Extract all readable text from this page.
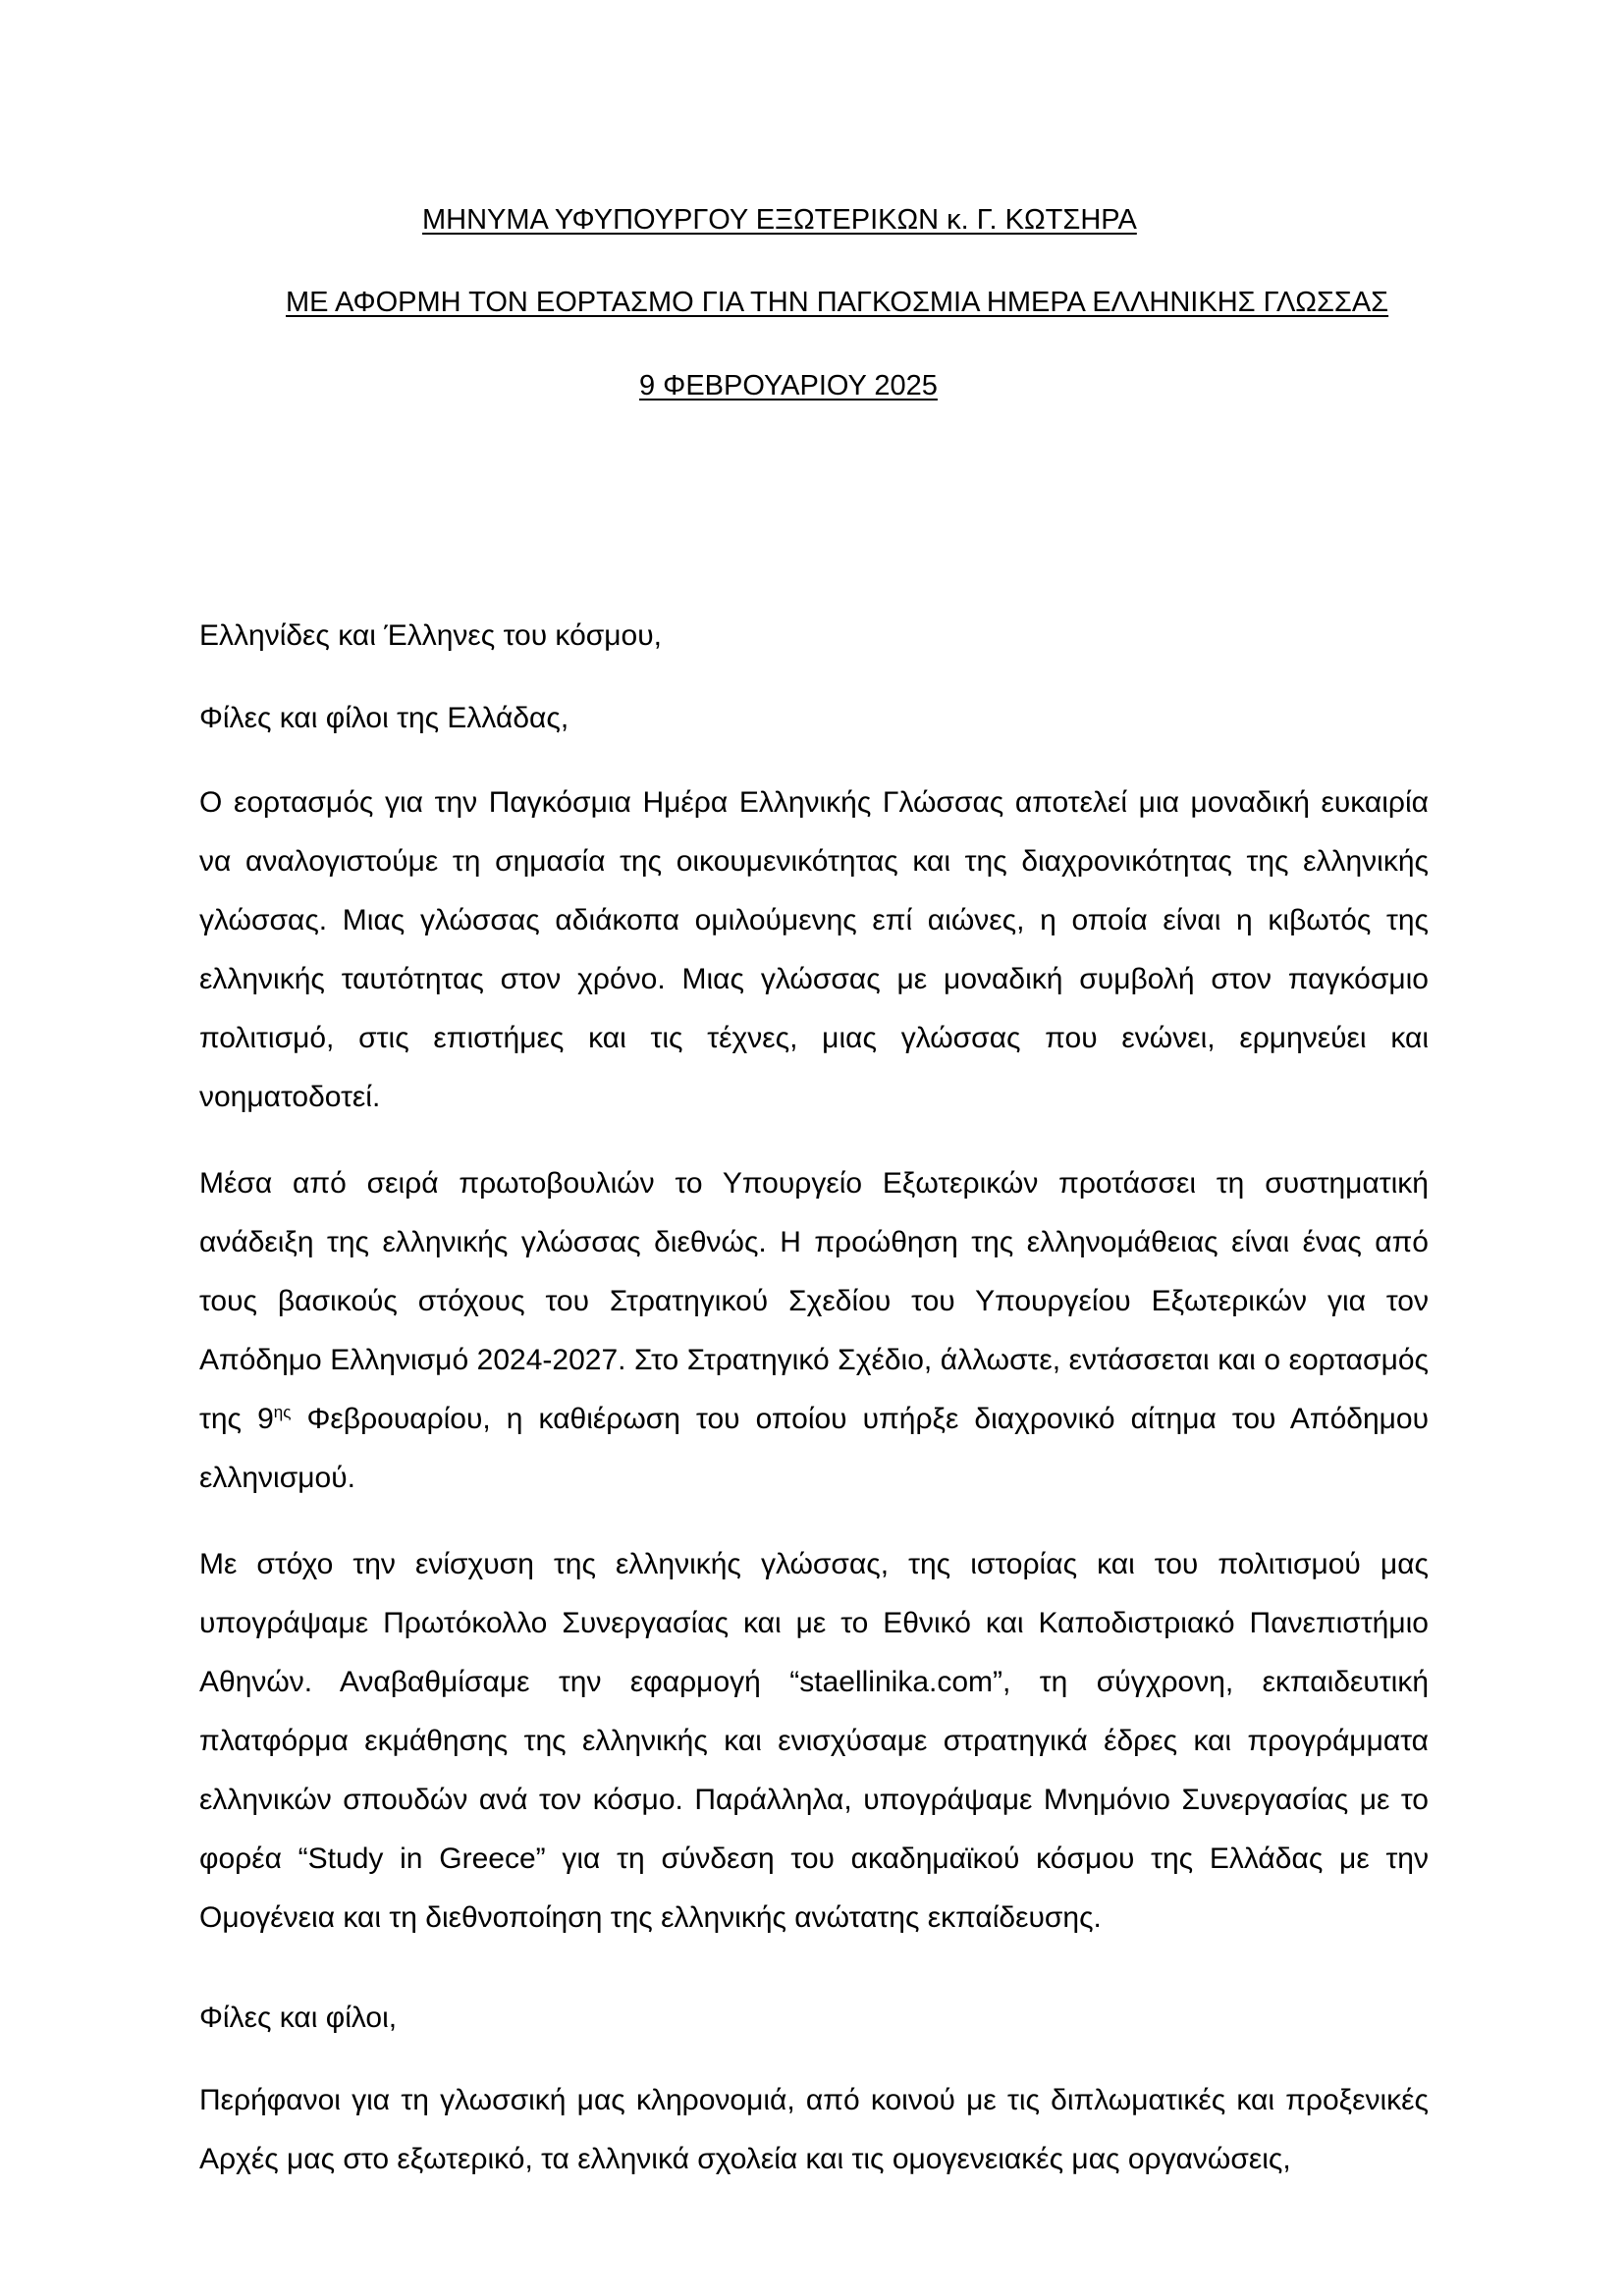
ΜΗΝΥΜΑ ΥΦΥΠΟΥΡΓΟΥ ΕΞΩΤΕΡΙΚΩΝ κ. Γ. ΚΩΤΣΗΡΑ
ΜΕ ΑΦΟΡΜΗ ΤΟΝ ΕΟΡΤΑΣΜΟ ΓΙΑ ΤΗΝ ΠΑΓΚΟΣΜΙΑ ΗΜΕΡΑ ΕΛΛΗΝΙΚΗΣ ΓΛΩΣΣΑΣ
9 ΦΕΒΡΟΥΑΡΙΟΥ 2025
Ελληνίδες και Έλληνες του κόσμου,
Φίλες και φίλοι της Ελλάδας,

Ο εορτασμός για την Παγκόσμια Ημέρα Ελληνικής Γλώσσας αποτελεί μια μοναδική ευκαιρία να αναλογιστούμε τη σημασία της οικουμενικότητας και της διαχρονικότητας της ελληνικής γλώσσας. Μιας γλώσσας αδιάκοπα ομιλούμενης επί αιώνες, η οποία είναι η κιβωτός της ελληνικής ταυτότητας στον χρόνο. Μιας γλώσσας με μοναδική συμβολή στον παγκόσμιο πολιτισμό, στις επιστήμες και τις τέχνες, μιας γλώσσας που ενώνει, ερμηνεύει και νοηματοδοτεί.

Μέσα από σειρά πρωτοβουλιών το Υπουργείο Εξωτερικών προτάσσει τη συστηματική ανάδειξη της ελληνικής γλώσσας διεθνώς. Η προώθηση της ελληνομάθειας είναι ένας από τους βασικούς στόχους του Στρατηγικού Σχεδίου του Υπουργείου Εξωτερικών για τον Απόδημο Ελληνισμό 2024-2027. Στο Στρατηγικό Σχέδιο, άλλωστε, εντάσσεται και ο εορτασμός της $9^{\eta\varsigma}$ Φεβρουαρίου, η καθιέρωση του οποίου υπήρξε διαχρονικό αίτημα του Απόδημου ελληνισμού.

Με στόχο την ενίσχυση της ελληνικής γλώσσας, της ιστορίας και του πολιτισμού μας υπογράψαμε Πρωτόκολλο Συνεργασίας και με το Εθνικό και Καποδιστριακό Πανεπιστήμιο Αθηνών. Αναβαθμίσαμε την εφαρμογή “staellinika.com”, τη σύγχρονη, εκπαιδευτική πλατφόρμα εκμάθησης της ελληνικής και ενισχύσαμε στρατηγικά έδρες και προγράμματα ελληνικών σπουδών ανά τον κόσμο. Παράλληλα, υπογράψαμε Μνημόνιο Συνεργασίας με το φορέα “Study in Greece” για τη σύνδεση του ακαδημαϊκού κόσμου της Ελλάδας με την Ομογένεια και τη διεθνοποίηση της ελληνικής ανώτατης εκπαίδευσης.

Φίλες και φίλοι,

Περήφανοι για τη γλωσσική μας κληρονομιά, από κοινού με τις διπλωματικές και προξενικές Αρχές μας στο εξωτερικό, τα ελληνικά σχολεία και τις ομογενειακές μας οργανώσεις,
